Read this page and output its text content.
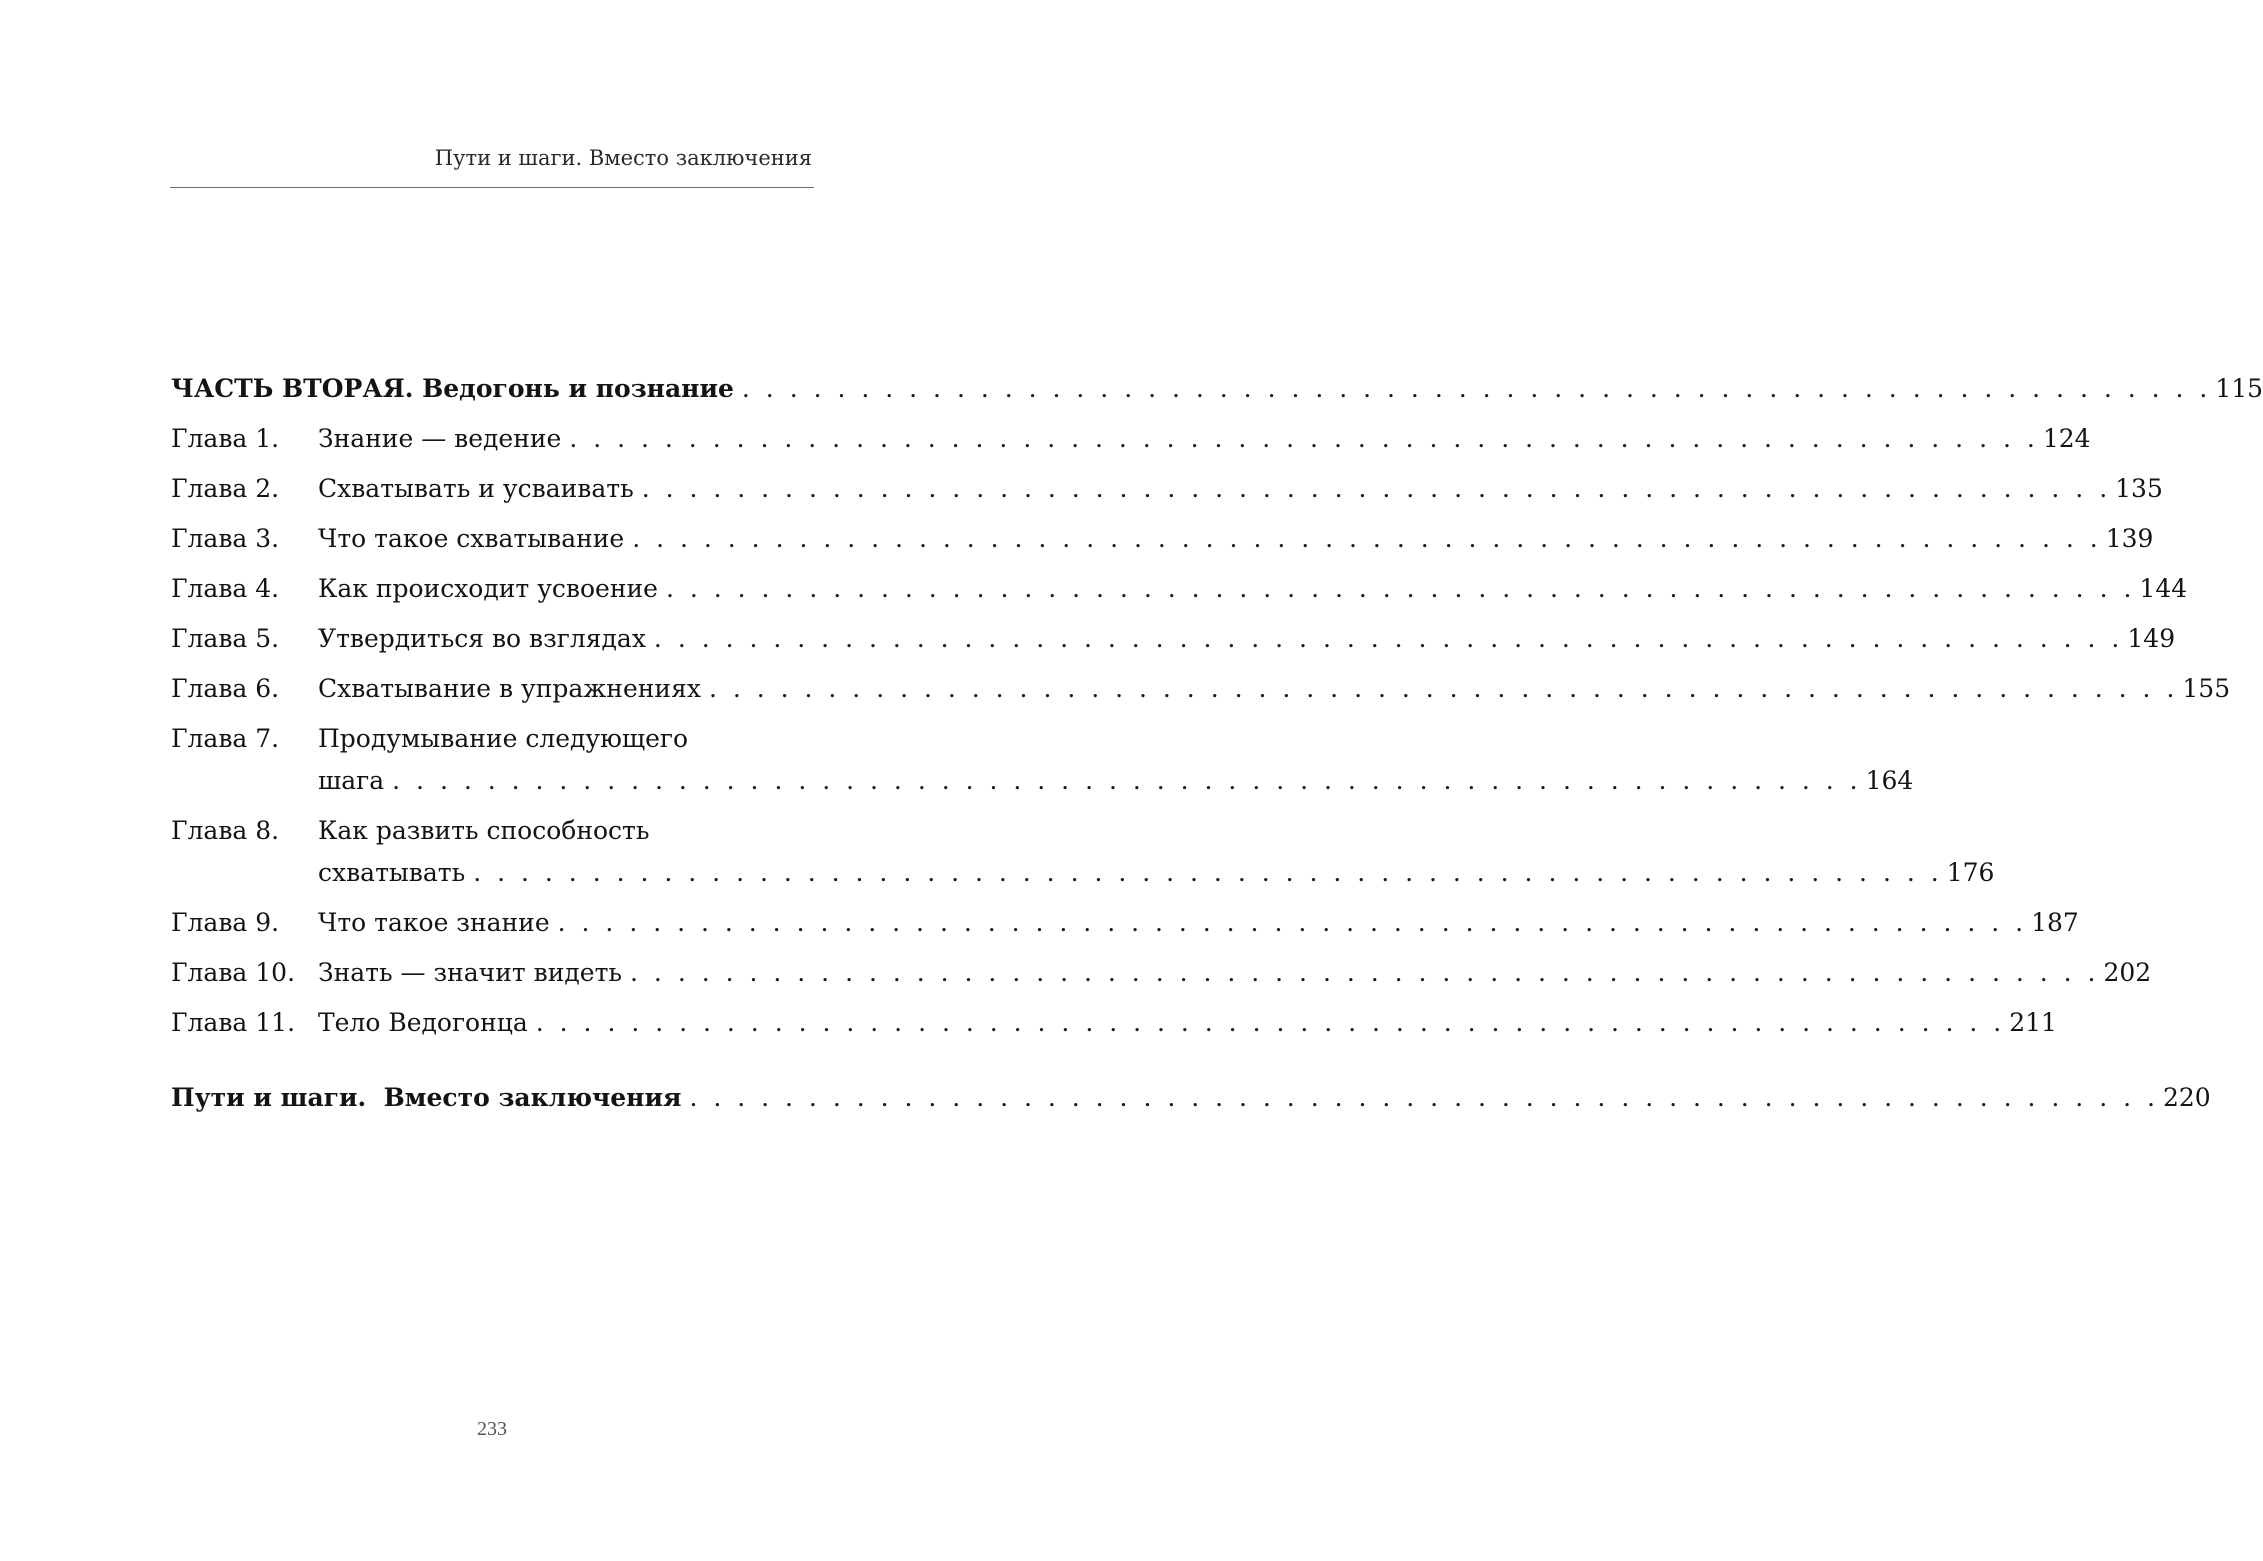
Пути и шаги. Вместо заключения
ЧАСТЬ ВТОРАЯ. Ведогонь и познание . . . . . . . . . . . . . . . . . . . . . . . . . . . . . . . . . . . . . . . . . . . . . . . . . . . . . . . . . . . . . . 115
Глава 1.	Знание — ведение . . . . . . . . . . . . . . . . . . . . . . . . . . . . . . . . . . . . . . . . . . . . . . . . . . . . . . . . . . . . . . 124
Глава 2.	Схватывать и усваивать . . . . . . . . . . . . . . . . . . . . . . . . . . . . . . . . . . . . . . . . . . . . . . . . . . . . . . . . . . . . . . 135
Глава 3.	Что такое схватывание . . . . . . . . . . . . . . . . . . . . . . . . . . . . . . . . . . . . . . . . . . . . . . . . . . . . . . . . . . . . . . 139
Глава 4.	Как происходит усвоение . . . . . . . . . . . . . . . . . . . . . . . . . . . . . . . . . . . . . . . . . . . . . . . . . . . . . . . . . . . . . . 144
Глава 5.	Утвердиться во взглядах . . . . . . . . . . . . . . . . . . . . . . . . . . . . . . . . . . . . . . . . . . . . . . . . . . . . . . . . . . . . . . 149
Глава 6.	Схватывание в упражнениях . . . . . . . . . . . . . . . . . . . . . . . . . . . . . . . . . . . . . . . . . . . . . . . . . . . . . . . . . . . . . . 155
Глава 7.	Продумывание следующего
шага . . . . . . . . . . . . . . . . . . . . . . . . . . . . . . . . . . . . . . . . . . . . . . . . . . . . . . . . . . . . . . 164
Глава 8.	Как развить способность
схватывать . . . . . . . . . . . . . . . . . . . . . . . . . . . . . . . . . . . . . . . . . . . . . . . . . . . . . . . . . . . . . . 176
Глава 9.	Что такое знание . . . . . . . . . . . . . . . . . . . . . . . . . . . . . . . . . . . . . . . . . . . . . . . . . . . . . . . . . . . . . . 187
Глава 10. Знать — значит видеть . . . . . . . . . . . . . . . . . . . . . . . . . . . . . . . . . . . . . . . . . . . . . . . . . . . . . . . . . . . . . . 202
Глава 11. Тело Ведогонца . . . . . . . . . . . . . . . . . . . . . . . . . . . . . . . . . . . . . . . . . . . . . . . . . . . . . . . . . . . . . . 211
Пути и шаги.  Вместо заключения . . . . . . . . . . . . . . . . . . . . . . . . . . . . . . . . . . . . . . . . . . . . . . . . . . . . . . . . . . . . . . 220
233
